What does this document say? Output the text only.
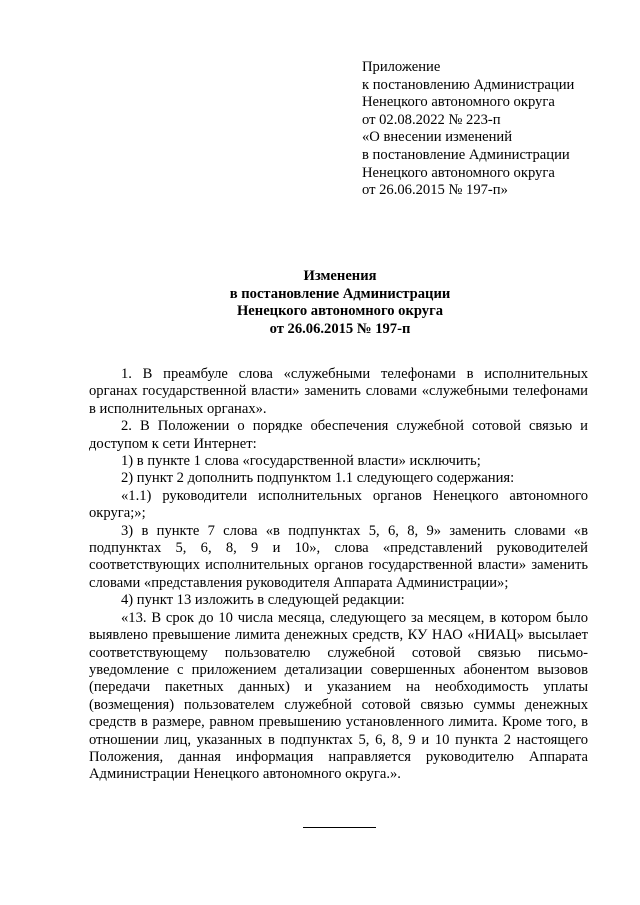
Приложение
к постановлению Администрации
Ненецкого автономного округа
от 02.08.2022 № 223-п
«О внесении изменений
в постановление Администрации
Ненецкого автономного округа
от 26.06.2015 № 197-п»
Изменения
в постановление Администрации
Ненецкого автономного округа
от 26.06.2015 № 197-п

1. В преамбуле слова «служебными телефонами в исполнительных органах государственной власти» заменить словами «служебными телефонами в исполнительных органах».

2. В Положении о порядке обеспечения служебной сотовой связью и доступом к сети Интернет:

1) в пункте 1 слова «государственной власти» исключить;

2) пункт 2 дополнить подпунктом 1.1 следующего содержания:

«1.1) руководители исполнительных органов Ненецкого автономного округа;»;

3) в пункте 7 слова «в подпунктах 5, 6, 8, 9» заменить словами «в подпунктах 5, 6, 8, 9 и 10», слова «представлений руководителей соответствующих исполнительных органов государственной власти» заменить словами «представления руководителя Аппарата Администрации»;

4) пункт 13 изложить в следующей редакции:

«13. В срок до 10 числа месяца, следующего за месяцем, в котором было выявлено превышение лимита денежных средств, КУ НАО «НИАЦ» высылает соответствующему пользователю служебной сотовой связью письмо-уведомление с приложением детализации совершенных абонентом вызовов (передачи пакетных данных) и указанием на необходимость уплаты (возмещения) пользователем служебной сотовой связью суммы денежных средств в размере, равном превышению установленного лимита. Кроме того, в отношении лиц, указанных в подпунктах 5, 6, 8, 9 и 10 пункта 2 настоящего Положения, данная информация направляется руководителю Аппарата Администрации Ненецкого автономного округа.».
